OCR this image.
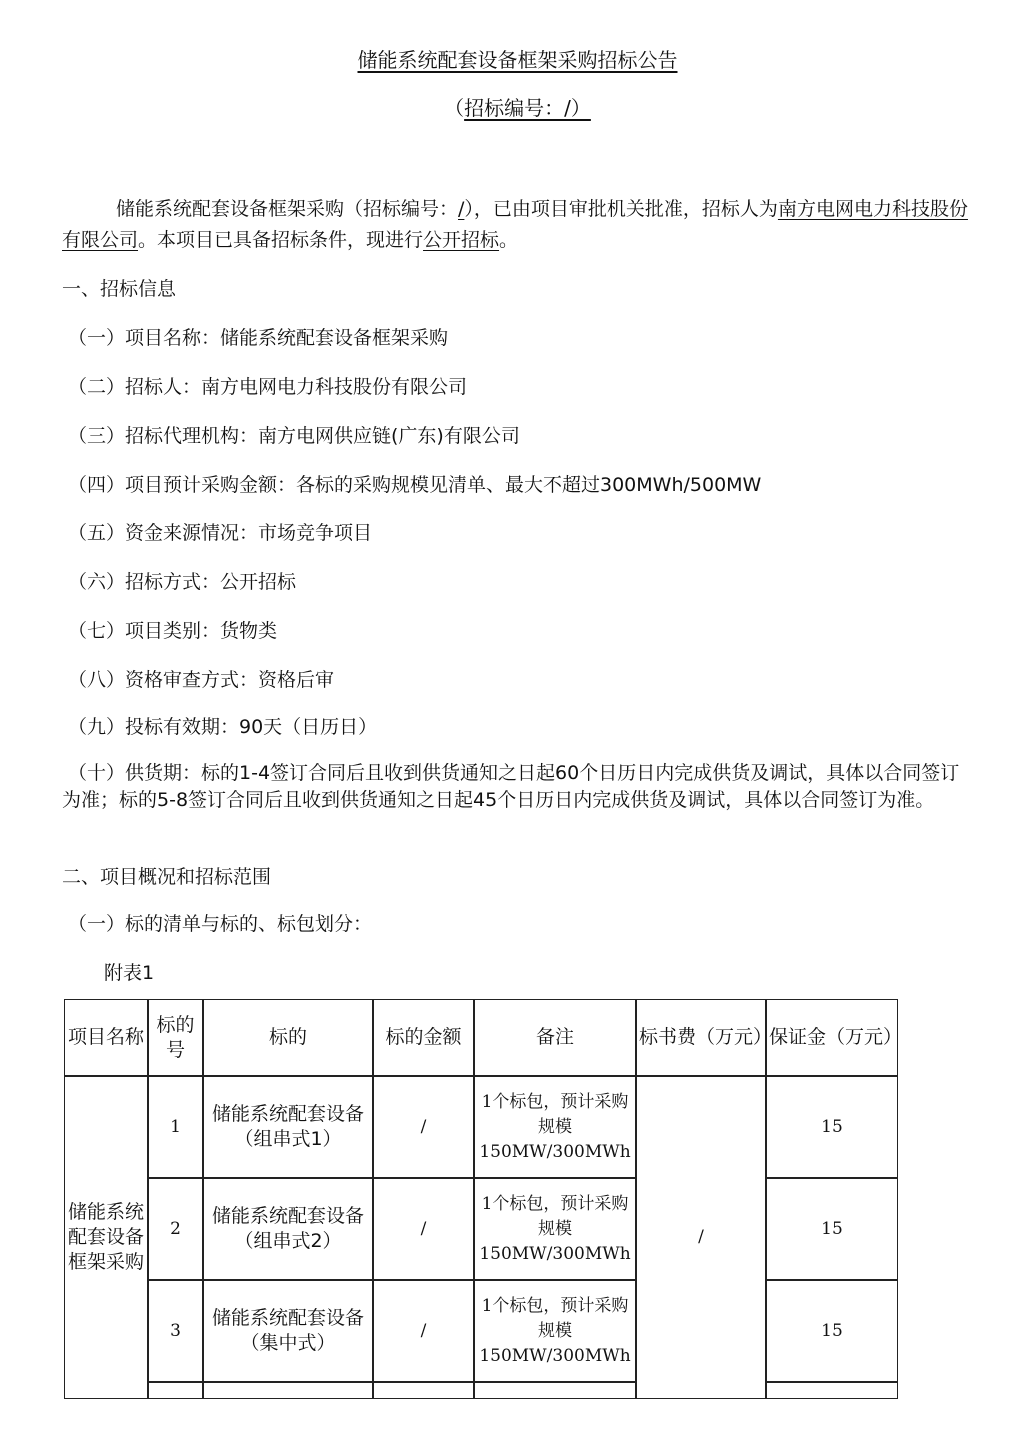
储能系统配套设备框架采购招标公告
（招标编号：/）
储能系统配套设备框架采购（招标编号：/），已由项目审批机关批准，招标人为南方电网电力科技股份有限公司。本项目已具备招标条件，现进行公开招标。
一、招标信息
（一）项目名称：储能系统配套设备框架采购
（二）招标人：南方电网电力科技股份有限公司
（三）招标代理机构：南方电网供应链(广东)有限公司
（四）项目预计采购金额：各标的采购规模见清单、最大不超过300MWh/500MW
（五）资金来源情况：市场竞争项目
（六）招标方式：公开招标
（七）项目类别：货物类
（八）资格审查方式：资格后审
（九）投标有效期：90天（日历日）
（十）供货期：标的1-4签订合同后且收到供货通知之日起60个日历日内完成供货及调试，具体以合同签订为准；标的5-8签订合同后且收到供货通知之日起45个日历日内完成供货及调试，具体以合同签订为准。
二、项目概况和招标范围
（一）标的清单与标的、标包划分：
附表1
项目名称	标的号	标的	标的金额	备注	标书费（万元）	保证金（万元）
储能系统配套设备框架采购	1	储能系统配套设备（组串式1）	/	1个标包，预计采购规模150MW/300MWh	/	15
	2	储能系统配套设备（组串式2）	/	1个标包，预计采购规模150MW/300MWh		15
	3	储能系统配套设备（集中式）	/	1个标包，预计采购规模150MW/300MWh		15
